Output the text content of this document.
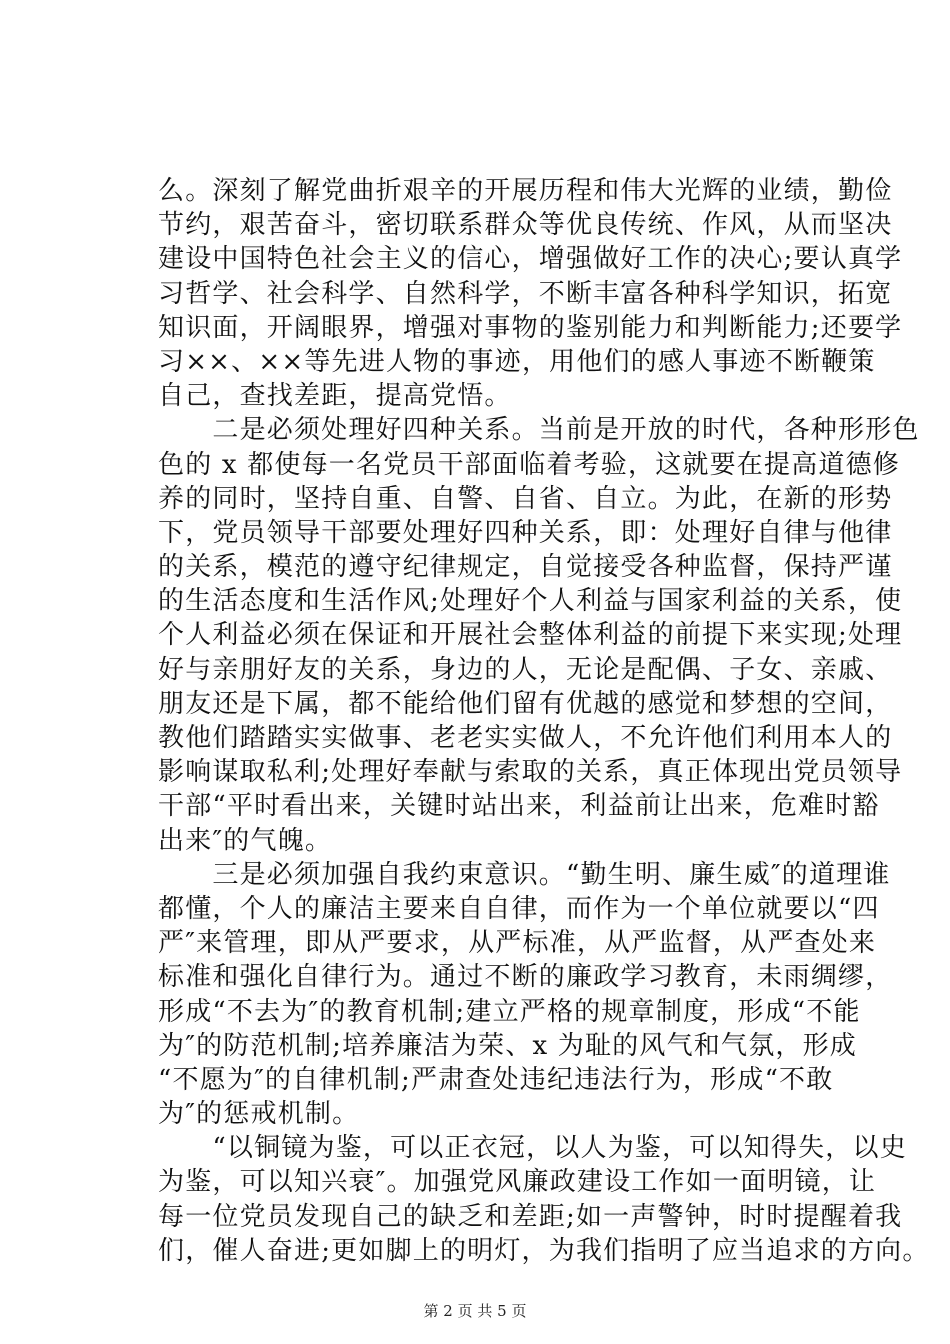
么。深刻了解党曲折艰辛的开展历程和伟大光辉的业绩，勤俭
节约，艰苦奋斗，密切联系群众等优良传统、作风，从而坚决
建设中国特色社会主义的信心，增强做好工作的决心;要认真学
习哲学、社会科学、自然科学，不断丰富各种科学知识，拓宽
知识面，开阔眼界，增强对事物的鉴别能力和判断能力;还要学
习××、××等先进人物的事迹，用他们的感人事迹不断鞭策
自己，查找差距，提高党悟。
　　二是必须处理好四种关系。当前是开放的时代，各种形形色
色的 x 都使每一名党员干部面临着考验，这就要在提高道德修
养的同时，坚持自重、自警、自省、自立。为此，在新的形势
下，党员领导干部要处理好四种关系，即：处理好自律与他律
的关系，模范的遵守纪律规定，自觉接受各种监督，保持严谨
的生活态度和生活作风;处理好个人利益与国家利益的关系，使
个人利益必须在保证和开展社会整体利益的前提下来实现;处理
好与亲朋好友的关系，身边的人，无论是配偶、子女、亲戚、
朋友还是下属，都不能给他们留有优越的感觉和梦想的空间，
教他们踏踏实实做事、老老实实做人，不允许他们利用本人的
影响谋取私利;处理好奉献与索取的关系，真正体现出党员领导
干部“平时看出来，关键时站出来，利益前让出来，危难时豁
出来″的气魄。
　　三是必须加强自我约束意识。“勤生明、廉生威″的道理谁
都懂，个人的廉洁主要来自自律，而作为一个单位就要以“四
严″来管理，即从严要求，从严标准，从严监督，从严查处来
标准和强化自律行为。通过不断的廉政学习教育，未雨绸缪，
形成“不去为″的教育机制;建立严格的规章制度，形成“不能
为″的防范机制;培养廉洁为荣、x 为耻的风气和气氛，形成
“不愿为″的自律机制;严肃查处违纪违法行为，形成“不敢
为″的惩戒机制。
　　“以铜镜为鉴，可以正衣冠，以人为鉴，可以知得失，以史
为鉴，可以知兴衰″。加强党风廉政建设工作如一面明镜，让
每一位党员发现自己的缺乏和差距;如一声警钟，时时提醒着我
们，催人奋进;更如脚上的明灯，为我们指明了应当追求的方向。
第 2 页 共 5 页
